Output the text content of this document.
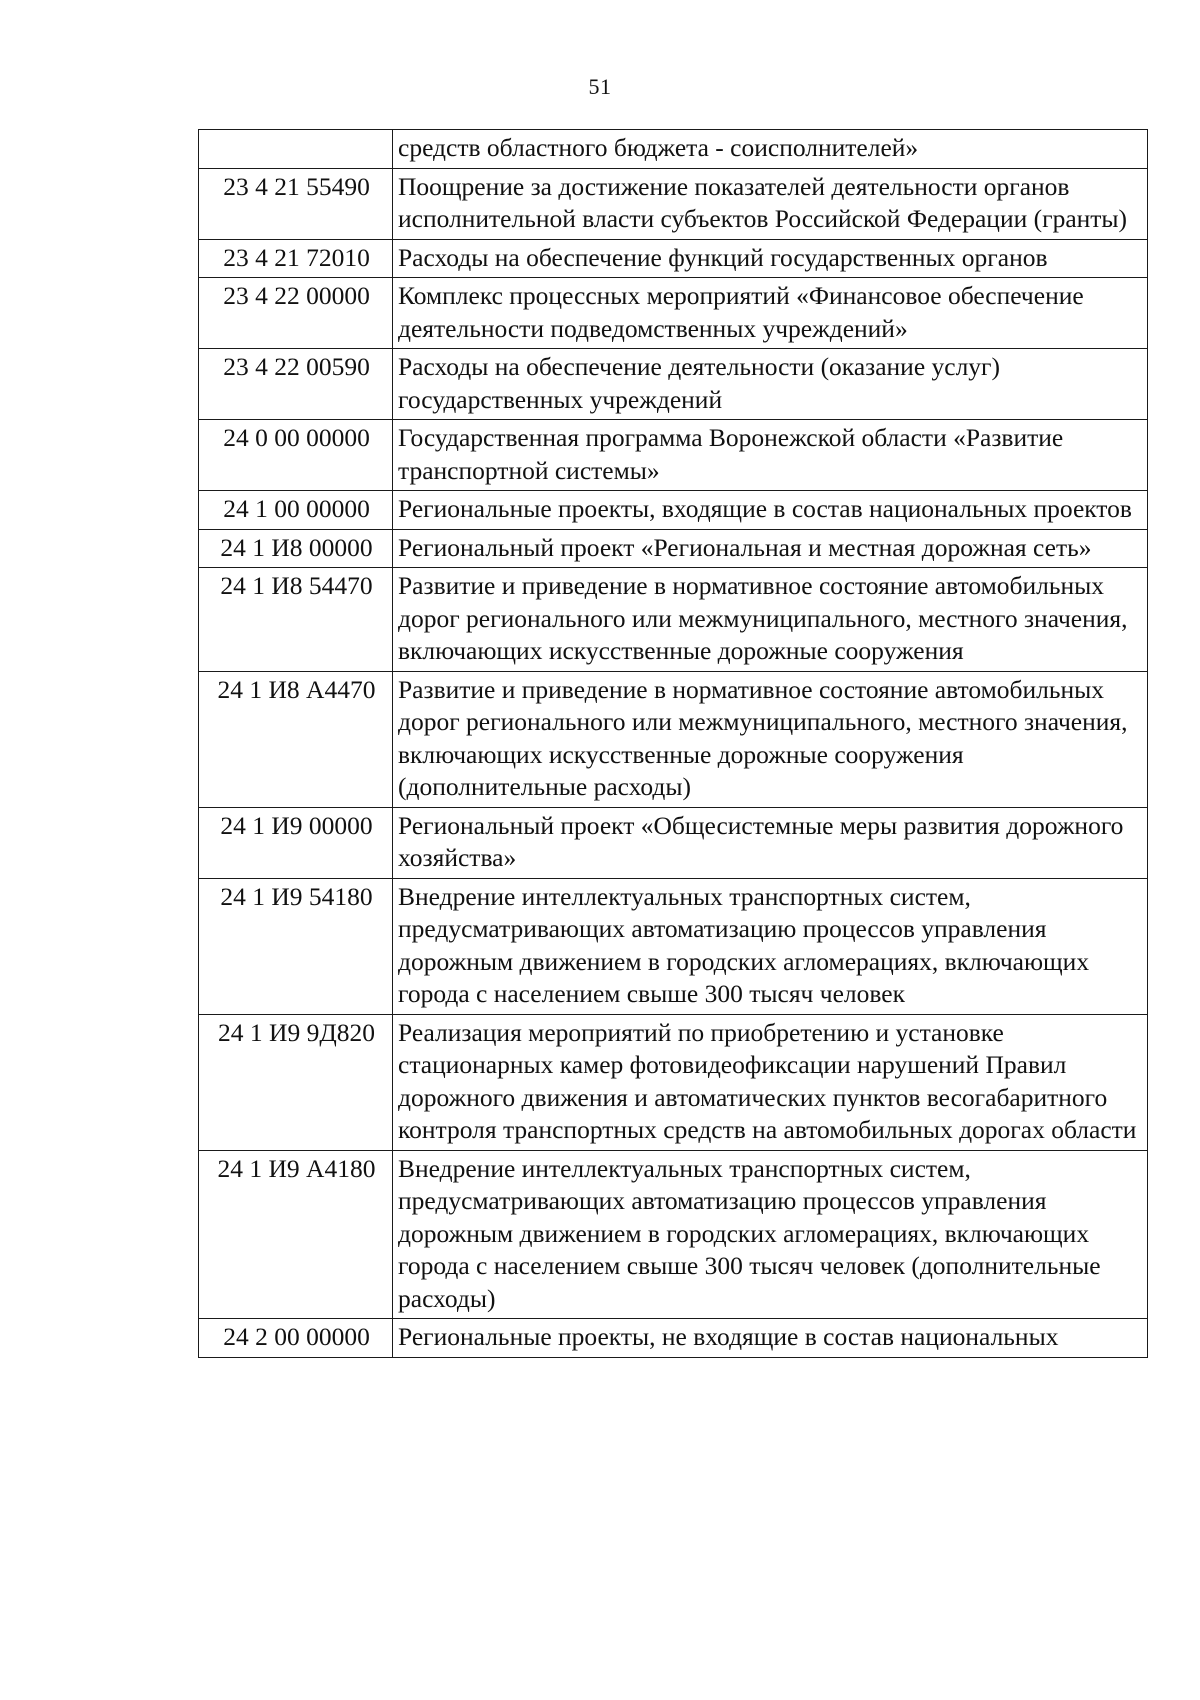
51
	средств областного бюджета - соисполнителей»
23 4 21 55490	Поощрение за достижение показателей деятельности органов исполнительной власти субъектов Российской Федерации (гранты)
23 4 21 72010	Расходы на обеспечение функций государственных органов
23 4 22 00000	Комплекс процессных мероприятий «Финансовое обеспечение деятельности подведомственных учреждений»
23 4 22 00590	Расходы на обеспечение деятельности (оказание услуг) государственных учреждений
24 0 00 00000	Государственная программа Воронежской области «Развитие транспортной системы»
24 1 00 00000	Региональные проекты, входящие в состав национальных проектов
24 1 И8 00000	Региональный проект «Региональная и местная дорожная сеть»
24 1 И8 54470	Развитие и приведение в нормативное состояние автомобильных дорог регионального или межмуниципального, местного значения, включающих искусственные дорожные сооружения
24 1 И8 А4470	Развитие и приведение в нормативное состояние автомобильных дорог регионального или межмуниципального, местного значения, включающих искусственные дорожные сооружения (дополнительные расходы)
24 1 И9 00000	Региональный проект «Общесистемные меры развития дорожного хозяйства»
24 1 И9 54180	Внедрение интеллектуальных транспортных систем, предусматривающих автоматизацию процессов управления дорожным движением в городских агломерациях, включающих города с населением свыше 300 тысяч человек
24 1 И9 9Д820	Реализация мероприятий по приобретению и установке стационарных камер фотовидеофиксации нарушений Правил дорожного движения и автоматических пунктов весогабаритного контроля транспортных средств на автомобильных дорогах области
24 1 И9 А4180	Внедрение интеллектуальных транспортных систем, предусматривающих автоматизацию процессов управления дорожным движением в городских агломерациях, включающих города с населением свыше 300 тысяч человек (дополнительные расходы)
24 2 00 00000	Региональные проекты, не входящие в состав национальных
